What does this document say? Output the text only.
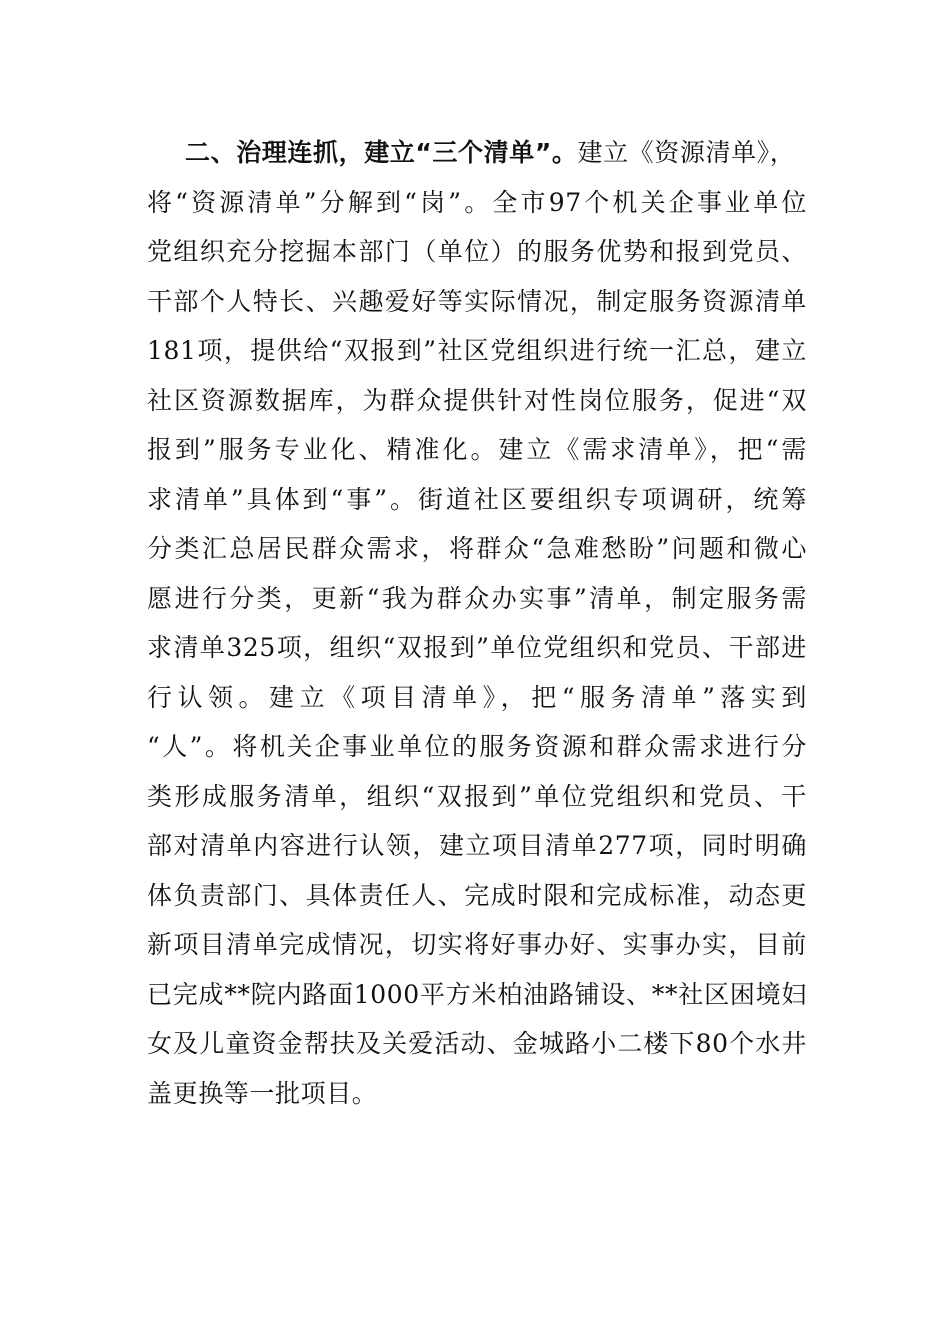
二、治理连抓，建立“三个清单”。建立《资源清单》，
将“资源清单”分解到“岗”。全市97个机关企事业单位
党组织充分挖掘本部门（单位）的服务优势和报到党员、
干部个人特长、兴趣爱好等实际情况，制定服务资源清单
181项，提供给“双报到”社区党组织进行统一汇总，建立
社区资源数据库，为群众提供针对性岗位服务，促进“双
报到”服务专业化、精准化。建立《需求清单》，把“需
求清单”具体到“事”。街道社区要组织专项调研，统筹
分类汇总居民群众需求，将群众“急难愁盼”问题和微心
愿进行分类，更新“我为群众办实事”清单，制定服务需
求清单325项，组织“双报到”单位党组织和党员、干部进
行认领。建立《项目清单》，把“服务清单”落实到
“人”。将机关企事业单位的服务资源和群众需求进行分
类形成服务清单，组织“双报到”单位党组织和党员、干
部对清单内容进行认领，建立项目清单277项，同时明确
体负责部门、具体责任人、完成时限和完成标准，动态更
新项目清单完成情况，切实将好事办好、实事办实，目前
已完成**院内路面1000平方米柏油路铺设、**社区困境妇
女及儿童资金帮扶及关爱活动、金城路小二楼下80个水井
盖更换等一批项目。
